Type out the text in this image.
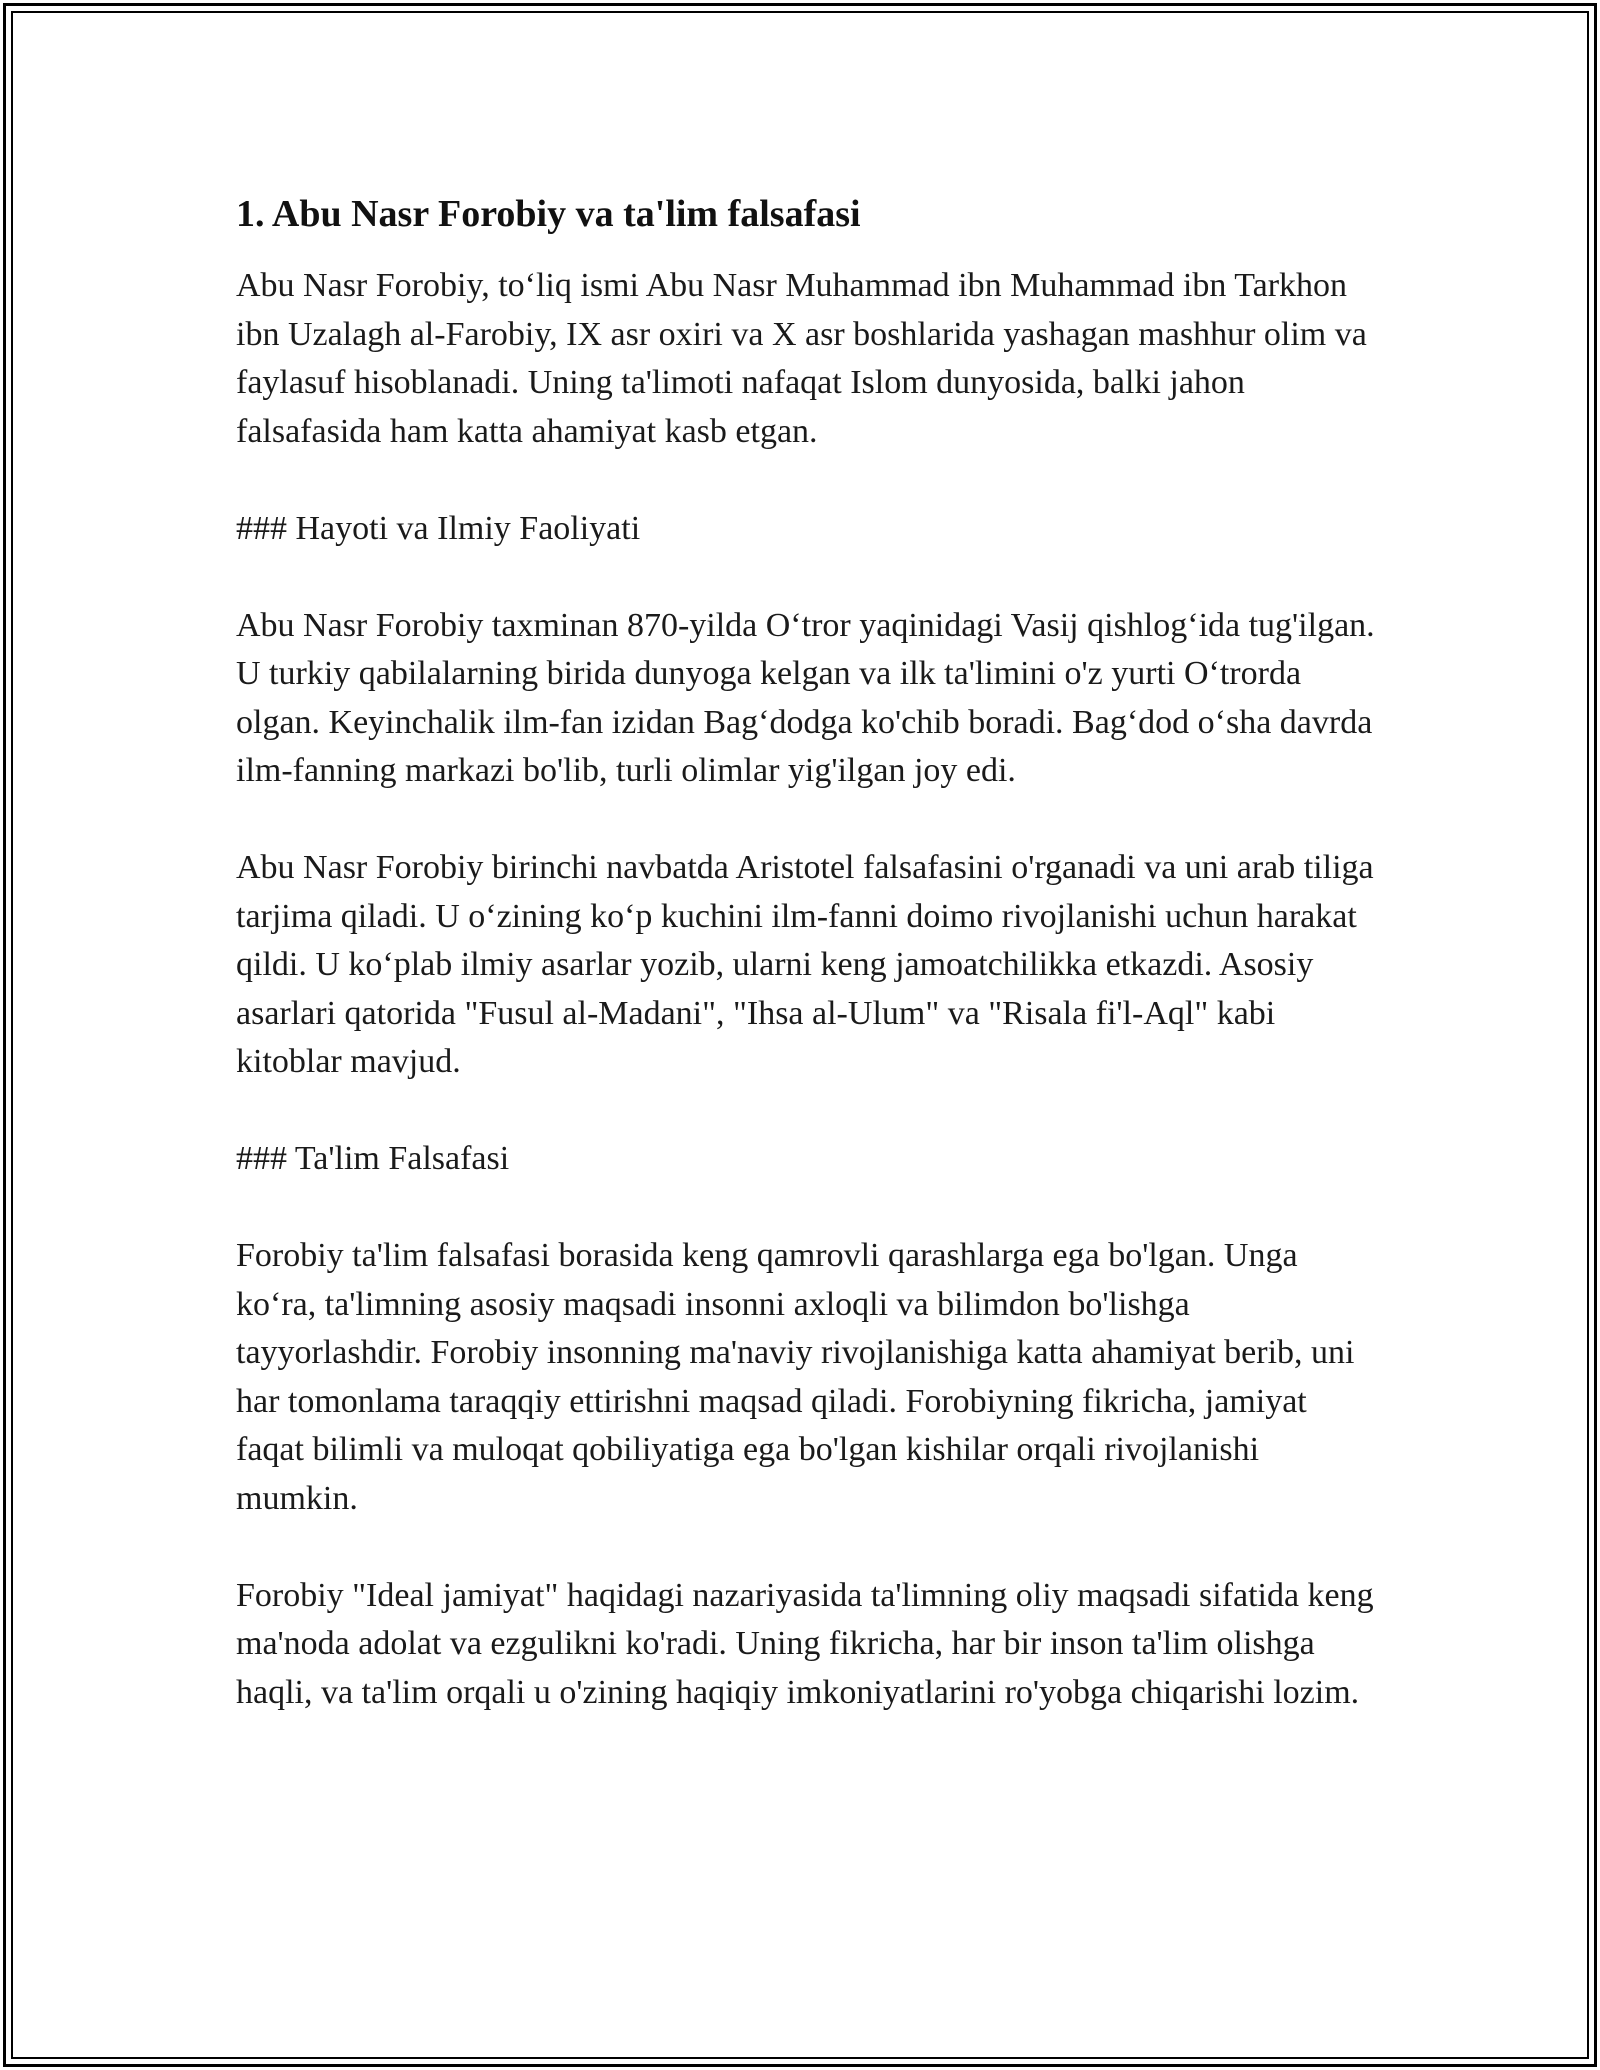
1. Abu Nasr Forobiy va ta'lim falsafasi

Abu Nasr Forobiy, to‘liq ismi Abu Nasr Muhammad ibn Muhammad ibn Tarkhon ibn Uzalagh al-Farobiy, IX asr oxiri va X asr boshlarida yashagan mashhur olim va faylasuf hisoblanadi. Uning ta'limoti nafaqat Islom dunyosida, balki jahon falsafasida ham katta ahamiyat kasb etgan.

### Hayoti va Ilmiy Faoliyati

Abu Nasr Forobiy taxminan 870-yilda O‘tror yaqinidagi Vasij qishlog‘ida tug'ilgan. U turkiy qabilalarning birida dunyoga kelgan va ilk ta'limini o'z yurti O‘trorda olgan. Keyinchalik ilm-fan izidan Bag‘dodga ko'chib boradi. Bag‘dod o‘sha davrda ilm-fanning markazi bo'lib, turli olimlar yig'ilgan joy edi.

Abu Nasr Forobiy birinchi navbatda Aristotel falsafasini o'rganadi va uni arab tiliga tarjima qiladi. U o‘zining ko‘p kuchini ilm-fanni doimo rivojlanishi uchun harakat qildi. U ko‘plab ilmiy asarlar yozib, ularni keng jamoatchilikka etkazdi. Asosiy asarlari qatorida "Fusul al-Madani", "Ihsa al-Ulum" va "Risala fi'l-Aql" kabi kitoblar mavjud.

### Ta'lim Falsafasi

Forobiy ta'lim falsafasi borasida keng qamrovli qarashlarga ega bo'lgan. Unga ko‘ra, ta'limning asosiy maqsadi insonni axloqli va bilimdon bo'lishga tayyorlashdir. Forobiy insonning ma'naviy rivojlanishiga katta ahamiyat berib, uni har tomonlama taraqqiy ettirishni maqsad qiladi. Forobiyning fikricha, jamiyat faqat bilimli va muloqat qobiliyatiga ega bo'lgan kishilar orqali rivojlanishi mumkin.

Forobiy "Ideal jamiyat" haqidagi nazariyasida ta'limning oliy maqsadi sifatida keng ma'noda adolat va ezgulikni ko'radi. Uning fikricha, har bir inson ta'lim olishga haqli, va ta'lim orqali u o'zining haqiqiy imkoniyatlarini ro'yobga chiqarishi lozim.
